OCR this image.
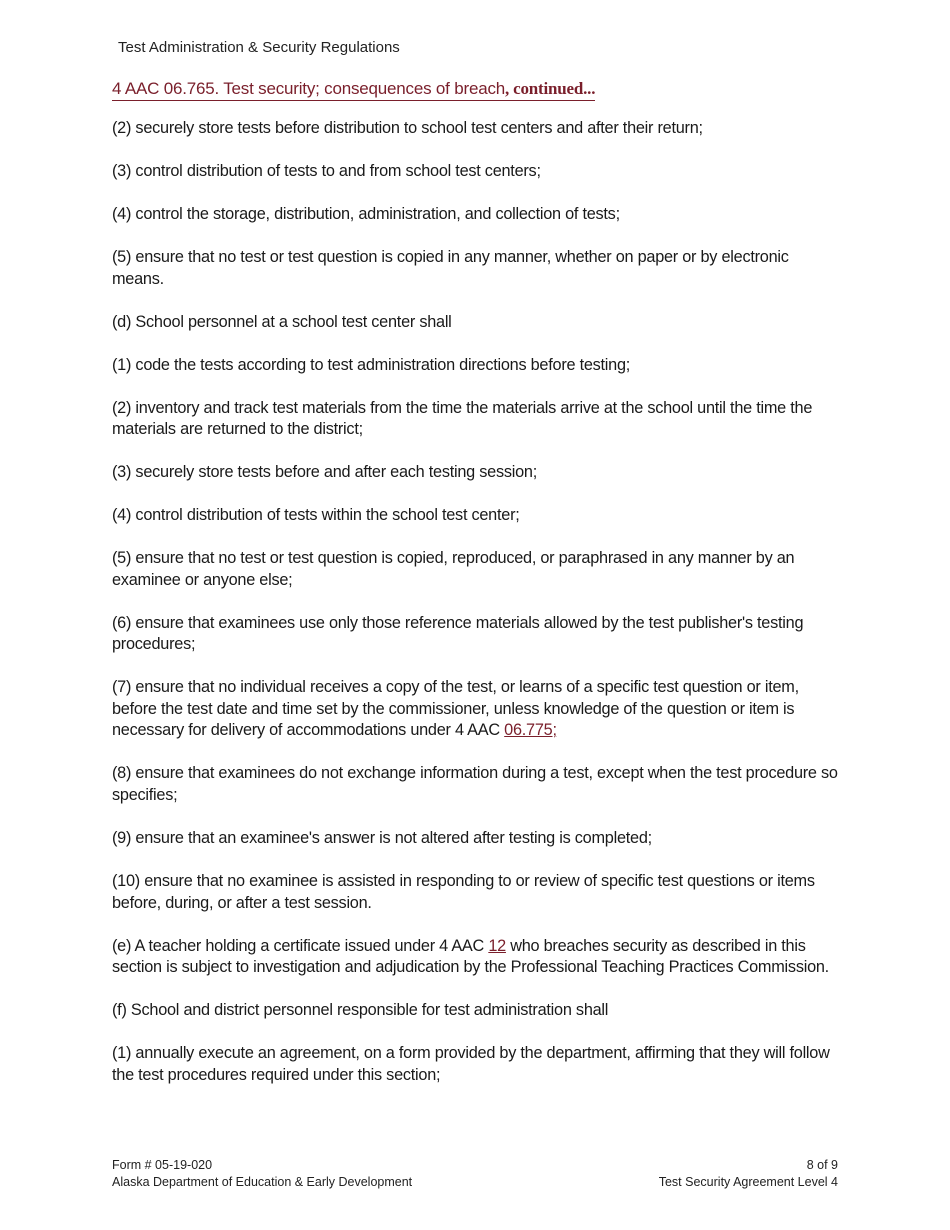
Test Administration & Security Regulations
4 AAC 06.765. Test security; consequences of breach, continued...

(2) securely store tests before distribution to school test centers and after their return;

(3) control distribution of tests to and from school test centers;

(4) control the storage, distribution, administration, and collection of tests;

(5) ensure that no test or test question is copied in any manner, whether on paper or by electronic means.

(d) School personnel at a school test center shall

(1) code the tests according to test administration directions before testing;

(2) inventory and track test materials from the time the materials arrive at the school until the time the materials are returned to the district;

(3) securely store tests before and after each testing session;

(4) control distribution of tests within the school test center;

(5) ensure that no test or test question is copied, reproduced, or paraphrased in any manner by an examinee or anyone else;

(6) ensure that examinees use only those reference materials allowed by the test publisher's testing procedures;

(7) ensure that no individual receives a copy of the test, or learns of a specific test question or item, before the test date and time set by the commissioner, unless knowledge of the question or item is necessary for delivery of accommodations under 4 AAC 06.775;

(8) ensure that examinees do not exchange information during a test, except when the test procedure so specifies;

(9) ensure that an examinee's answer is not altered after testing is completed;

(10) ensure that no examinee is assisted in responding to or review of specific test questions or items before, during, or after a test session.

(e) A teacher holding a certificate issued under 4 AAC 12 who breaches security as described in this section is subject to investigation and adjudication by the Professional Teaching Practices Commission.

(f) School and district personnel responsible for test administration shall

(1) annually execute an agreement, on a form provided by the department, affirming that they will follow the test procedures required under this section;

Form # 05-19-020
Alaska Department of Education & Early Development
8 of 9
Test Security Agreement Level 4
